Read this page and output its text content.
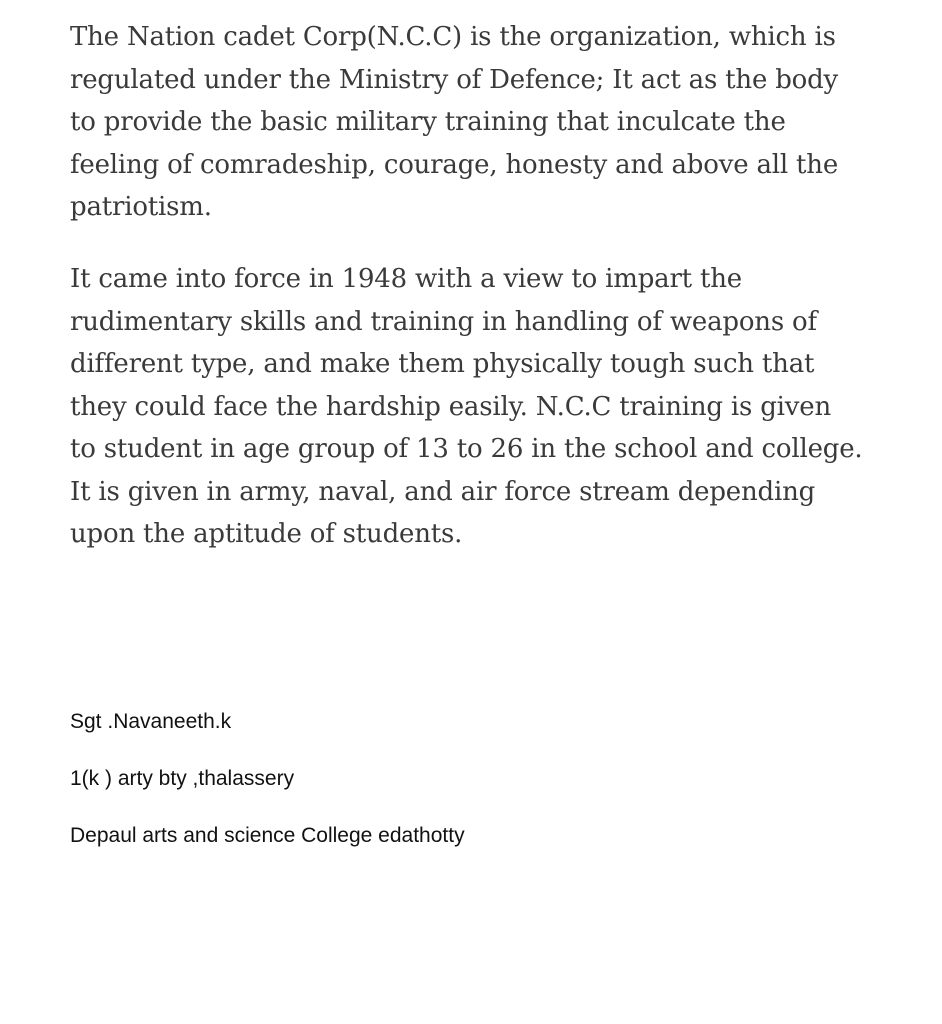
The Nation cadet Corp(N.C.C) is the organization, which is
regulated under the Ministry of Defence; It act as the body
to provide the basic military training that inculcate the
feeling of comradeship, courage, honesty and above all the
patriotism.

It came into force in 1948 with a view to impart the
rudimentary skills and training in handling of weapons of
different type, and make them physically tough such that
they could face the hardship easily. N.C.C training is given
to student in age group of 13 to 26 in the school and college.
It is given in army, naval, and air force stream depending
upon the aptitude of students.

Sgt .Navaneeth.k

1(k ) arty bty ,thalassery

Depaul arts and science College edathotty
